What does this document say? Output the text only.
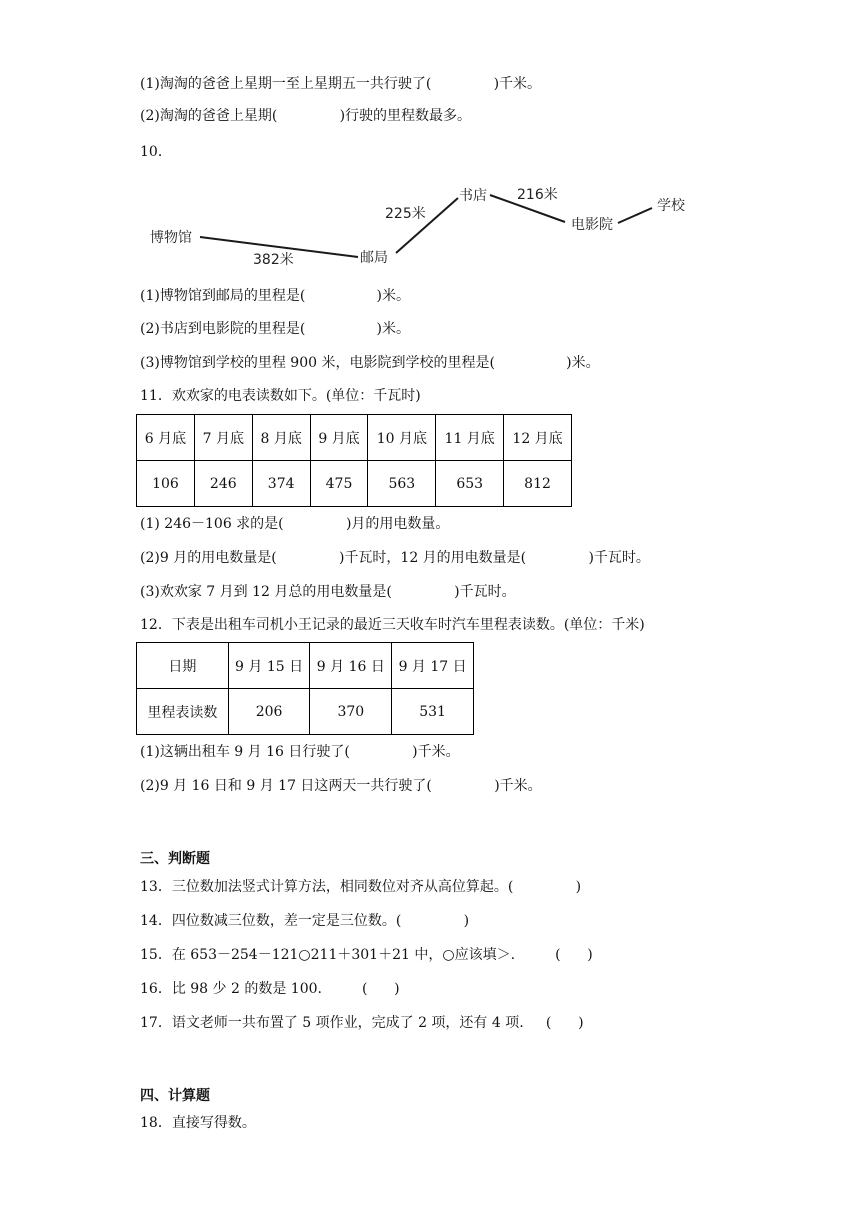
(1)淘淘的爸爸上星期一至上星期五一共行驶了(              )千米。
(2)淘淘的爸爸上星期(              )行驶的里程数最多。
10．
博物馆
邮局
书店
电影院
学校
382米
225米
216米
(1)博物馆到邮局的里程是(                )米。
(2)书店到电影院的里程是(                )米。
(3)博物馆到学校的里程 900 米，电影院到学校的里程是(                )米。
11．欢欢家的电表读数如下。(单位：千瓦时)
6 月底	7 月底	8 月底	9 月底	10 月底	11 月底	12 月底
106	246	374	475	563	653	812
(1) 246－106 求的是(              )月的用电数量。
(2)9 月的用电数量是(              )千瓦时，12 月的用电数量是(              )千瓦时。
(3)欢欢家 7 月到 12 月总的用电数量是(              )千瓦时。
12．下表是出租车司机小王记录的最近三天收车时汽车里程表读数。(单位：千米)
日期	9 月 15 日	9 月 16 日	9 月 17 日
里程表读数	206	370	531
(1)这辆出租车 9 月 16 日行驶了(              )千米。
(2)9 月 16 日和 9 月 17 日这两天一共行驶了(              )千米。
三、判断题
13．三位数加法竖式计算方法，相同数位对齐从高位算起。(              )
14．四位数减三位数，差一定是三位数。(              )
15．在 653－254－121○211＋301＋21 中，○应该填＞.         (      )
16．比 98 少 2 的数是 100.         (      )
17．语文老师一共布置了 5 项作业，完成了 2 项，还有 4 项.     (      )
四、计算题
18．直接写得数。
